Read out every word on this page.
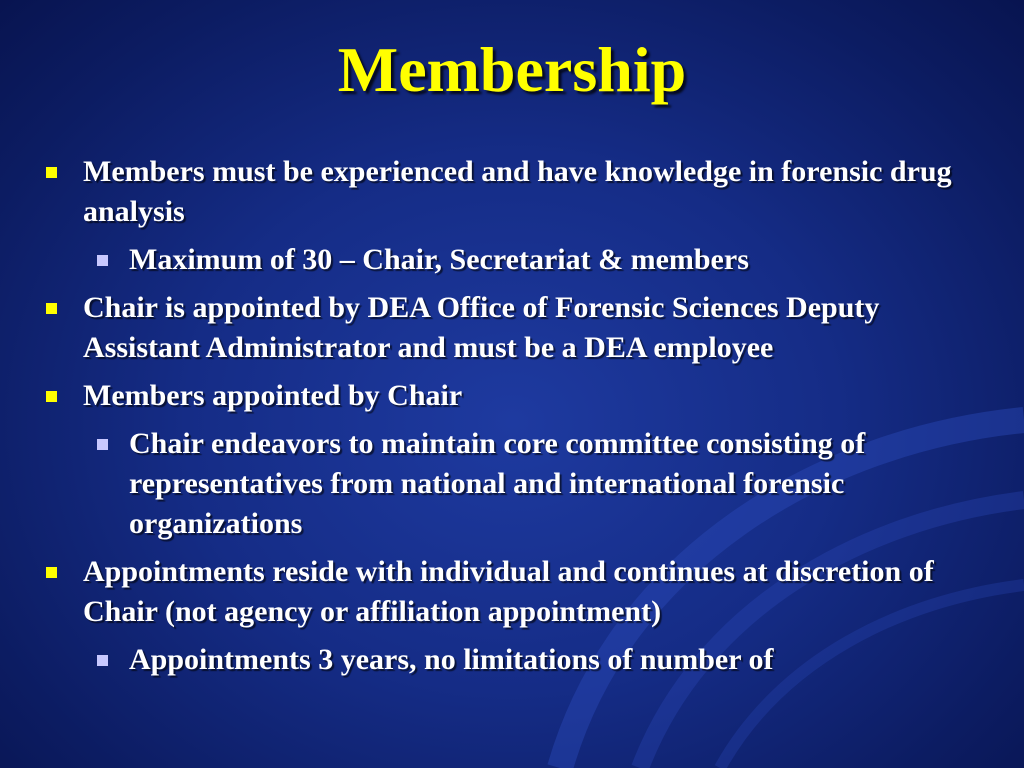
Membership
Members must be experienced and have knowledge in forensic drug analysis
Maximum of 30 – Chair, Secretariat & members
Chair is appointed by DEA Office of Forensic Sciences Deputy Assistant Administrator and must be a DEA employee
Members appointed by Chair
Chair endeavors to maintain core committee consisting of representatives from national and international forensic organizations
Appointments reside with individual and continues at discretion of Chair (not agency or affiliation appointment)
Appointments 3 years, no limitations of number of
